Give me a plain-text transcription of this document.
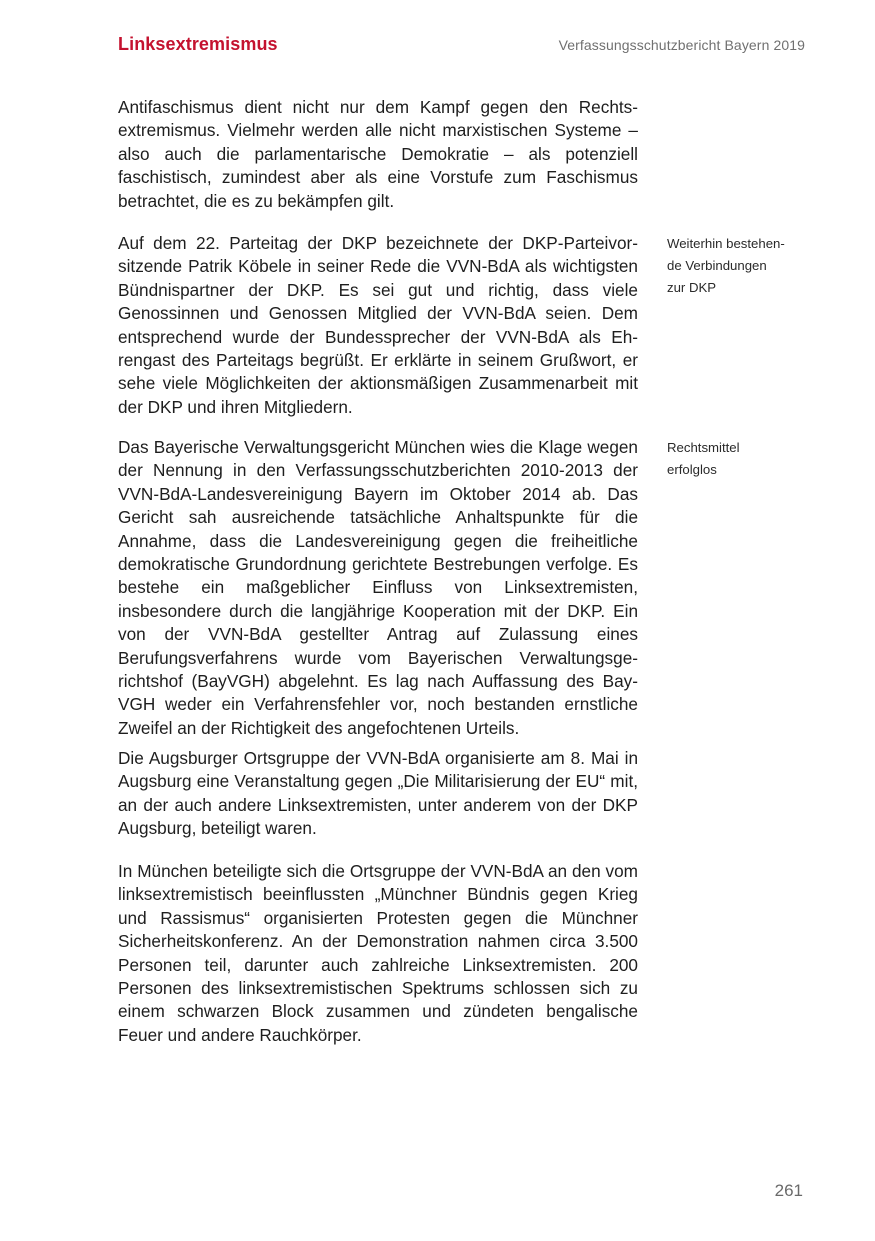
Linksextremismus	Verfassungsschutzbericht Bayern 2019

Antifaschismus dient nicht nur dem Kampf gegen den Rechtsextremismus. Vielmehr werden alle nicht marxistischen Systeme – also auch die parlamentarische Demokratie – als potenziell faschistisch, zumindest aber als eine Vorstufe zum Faschismus betrachtet, die es zu bekämpfen gilt.

Auf dem 22. Parteitag der DKP bezeichnete der DKP-Parteivorsitzende Patrik Köbele in seiner Rede die VVN-BdA als wichtigsten Bündnispartner der DKP. Es sei gut und richtig, dass viele Genossinnen und Genossen Mitglied der VVN-BdA seien. Dem entsprechend wurde der Bundessprecher der VVN-BdA als Ehrengast des Parteitags begrüßt. Er erklärte in seinem Grußwort, er sehe viele Möglichkeiten der aktionsmäßigen Zusammenarbeit mit der DKP und ihren Mitgliedern.

Das Bayerische Verwaltungsgericht München wies die Klage wegen der Nennung in den Verfassungsschutzberichten 2010-2013 der VVN-BdA-Landesvereinigung Bayern im Oktober 2014 ab. Das Gericht sah ausreichende tatsächliche Anhaltspunkte für die Annahme, dass die Landesvereinigung gegen die freiheitliche demokratische Grundordnung gerichtete Bestrebungen verfolge. Es bestehe ein maßgeblicher Einfluss von Linksextremisten, insbesondere durch die langjährige Kooperation mit der DKP. Ein von der VVN-BdA gestellter Antrag auf Zulassung eines Berufungsverfahrens wurde vom Bayerischen Verwaltungsgerichtshof (BayVGH) abgelehnt. Es lag nach Auffassung des BayVGH weder ein Verfahrensfehler vor, noch bestanden ernstliche Zweifel an der Richtigkeit des angefochtenen Urteils.

Die Augsburger Ortsgruppe der VVN-BdA organisierte am 8. Mai in Augsburg eine Veranstaltung gegen „Die Militarisierung der EU“ mit, an der auch andere Linksextremisten, unter anderem von der DKP Augsburg, beteiligt waren.

In München beteiligte sich die Ortsgruppe der VVN-BdA an den vom linksextremistisch beeinflussten „Münchner Bündnis gegen Krieg und Rassismus“ organisierten Protesten gegen die Münchner Sicherheitskonferenz. An der Demonstration nahmen circa 3.500 Personen teil, darunter auch zahlreiche Linksextremisten. 200 Personen des linksextremistischen Spektrums schlossen sich zu einem schwarzen Block zusammen und zündeten bengalische Feuer und andere Rauchkörper.

Weiterhin bestehen-
de Verbindungen
zur DKP

Rechtsmittel
erfolglos

261
